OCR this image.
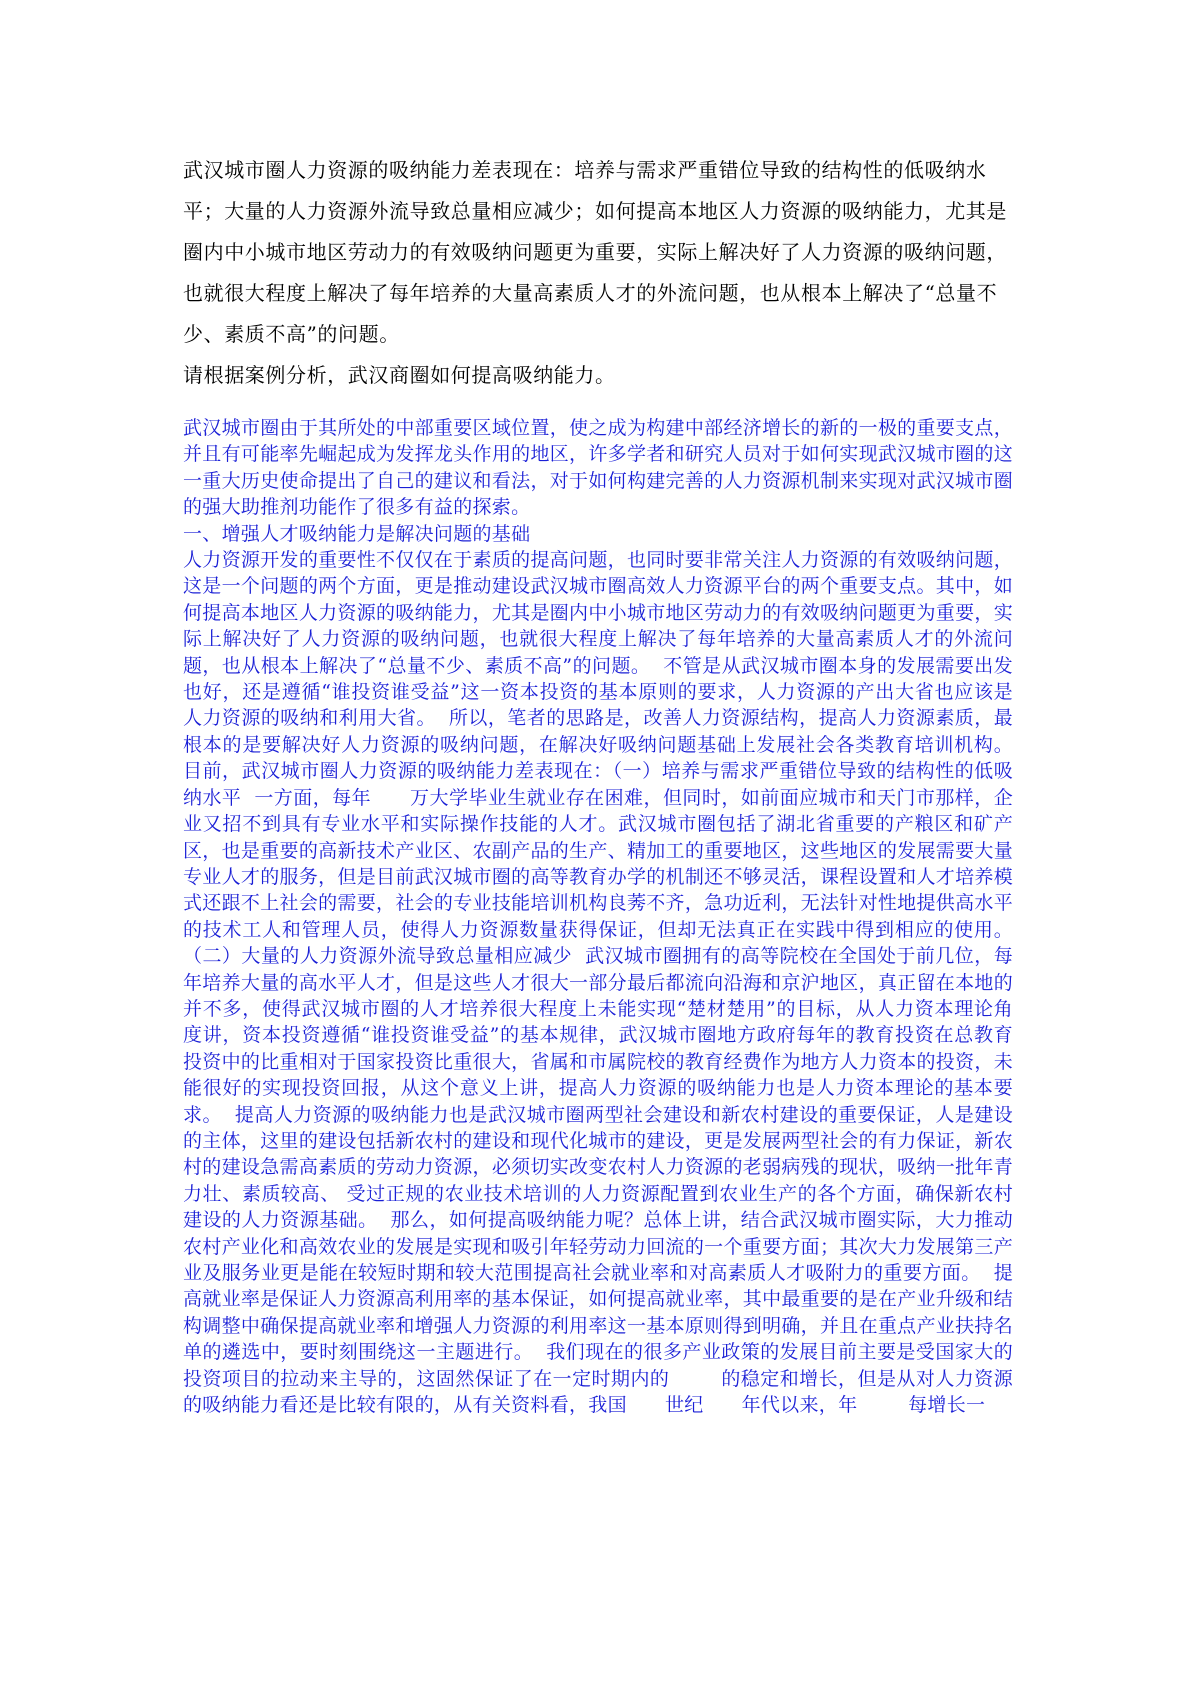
武汉城市圈人力资源的吸纳能力差表现在：培养与需求严重错位导致的结构性的低吸纳水平；大量的人力资源外流导致总量相应减少；如何提高本地区人力资源的吸纳能力，尤其是圈内中小城市地区劳动力的有效吸纳问题更为重要，实际上解决好了人力资源的吸纳问题，也就很大程度上解决了每年培养的大量高素质人才的外流问题，也从根本上解决了“总量不少、素质不高”的问题。

请根据案例分析，武汉商圈如何提高吸纳能力。

武汉城市圈由于其所处的中部重要区域位置，使之成为构建中部经济增长的新的一极的重要支点，并且有可能率先崛起成为发挥龙头作用的地区，许多学者和研究人员对于如何实现武汉城市圈的这一重大历史使命提出了自己的建议和看法，对于如何构建完善的人力资源机制来实现对武汉城市圈的强大助推剂功能作了很多有益的探索。

一、增强人才吸纳能力是解决问题的基础

人力资源开发的重要性不仅仅在于素质的提高问题，也同时要非常关注人力资源的有效吸纳问题，这是一个问题的两个方面，更是推动建设武汉城市圈高效人力资源平台的两个重要支点。其中，如何提高本地区人力资源的吸纳能力，尤其是圈内中小城市地区劳动力的有效吸纳问题更为重要，实际上解决好了人力资源的吸纳问题，也就很大程度上解决了每年培养的大量高素质人才的外流问题，也从根本上解决了“总量不少、素质不高”的问题。  不管是从武汉城市圈本身的发展需要出发也好，还是遵循“谁投资谁受益”这一资本投资的基本原则的要求，人力资源的产出大省也应该是人力资源的吸纳和利用大省。  所以，笔者的思路是，改善人力资源结构，提高人力资源素质，最根本的是要解决好人力资源的吸纳问题，在解决好吸纳问题基础上发展社会各类教育培训机构。  目前，武汉城市圈人力资源的吸纳能力差表现在：（一）培养与需求严重错位导致的结构性的低吸纳水平  一方面，每年      万大学毕业生就业存在困难，但同时，如前面应城市和天门市那样，企业又招不到具有专业水平和实际操作技能的人才。武汉城市圈包括了湖北省重要的产粮区和矿产区，也是重要的高新技术产业区、农副产品的生产、精加工的重要地区，这些地区的发展需要大量专业人才的服务，但是目前武汉城市圈的高等教育办学的机制还不够灵活，课程设置和人才培养模式还跟不上社会的需要，社会的专业技能培训机构良莠不齐，急功近利，无法针对性地提供高水平的技术工人和管理人员，使得人力资源数量获得保证，但却无法真正在实践中得到相应的使用。  （二）大量的人力资源外流导致总量相应减少  武汉城市圈拥有的高等院校在全国处于前几位，每年培养大量的高水平人才，但是这些人才很大一部分最后都流向沿海和京沪地区，真正留在本地的并不多，使得武汉城市圈的人才培养很大程度上未能实现“楚材楚用”的目标，从人力资本理论角度讲，资本投资遵循“谁投资谁受益”的基本规律，武汉城市圈地方政府每年的教育投资在总教育投资中的比重相对于国家投资比重很大，省属和市属院校的教育经费作为地方人力资本的投资，未能很好的实现投资回报，从这个意义上讲，提高人力资源的吸纳能力也是人力资本理论的基本要求。  提高人力资源的吸纳能力也是武汉城市圈两型社会建设和新农村建设的重要保证，人是建设的主体，这里的建设包括新农村的建设和现代化城市的建设，更是发展两型社会的有力保证，新农村的建设急需高素质的劳动力资源，必须切实改变农村人力资源的老弱病残的现状，吸纳一批年青力壮、素质较高、 受过正规的农业技术培训的人力资源配置到农业生产的各个方面，确保新农村建设的人力资源基础。  那么，如何提高吸纳能力呢？总体上讲，结合武汉城市圈实际，大力推动农村产业化和高效农业的发展是实现和吸引年轻劳动力回流的一个重要方面；其次大力发展第三产业及服务业更是能在较短时期和较大范围提高社会就业率和对高素质人才吸附力的重要方面。  提高就业率是保证人力资源高利用率的基本保证，如何提高就业率，其中最重要的是在产业升级和结构调整中确保提高就业率和增强人力资源的利用率这一基本原则得到明确，并且在重点产业扶持名单的遴选中，要时刻围绕这一主题进行。  我们现在的很多产业政策的发展目前主要是受国家大的投资项目的拉动来主导的，这固然保证了在一定时期内的        的稳定和增长，但是从对人力资源的吸纳能力看还是比较有限的，从有关资料看，我国      世纪      年代以来，年        每增长一
